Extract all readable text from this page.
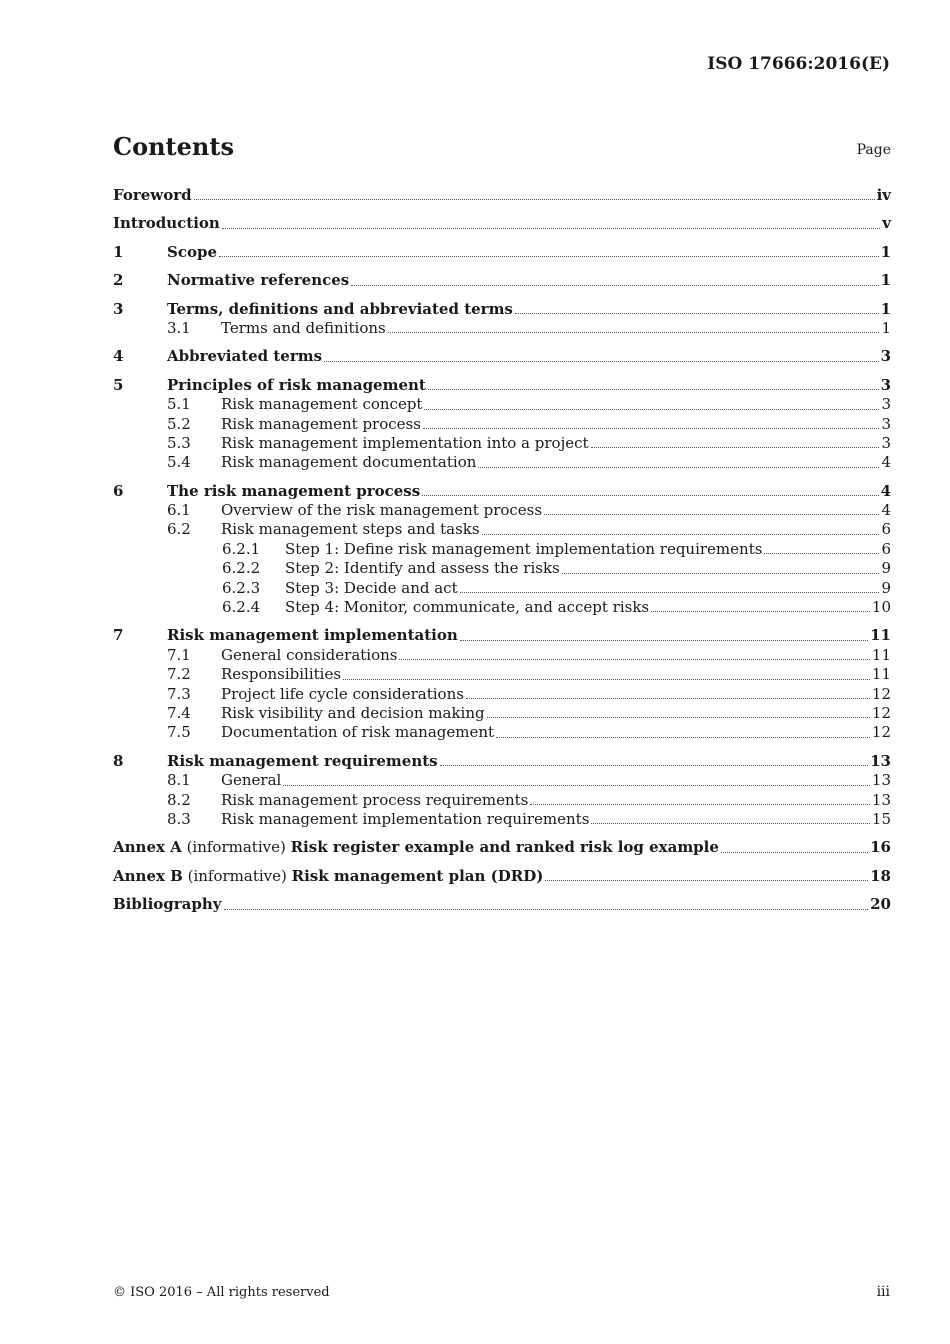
ISO 17666:2016(E)
Contents	Page
Foreword	iv
Introduction	v
1	Scope	1
2	Normative references	1
3	Terms, definitions and abbreviated terms	1
3.1	Terms and definitions	1
4	Abbreviated terms	3
5	Principles of risk management	3
5.1	Risk management concept	3
5.2	Risk management process	3
5.3	Risk management implementation into a project	3
5.4	Risk management documentation	4
6	The risk management process	4
6.1	Overview of the risk management process	4
6.2	Risk management steps and tasks	6
6.2.1	Step 1: Define risk management implementation requirements	6
6.2.2	Step 2: Identify and assess the risks	9
6.2.3	Step 3: Decide and act	9
6.2.4	Step 4: Monitor, communicate, and accept risks	10
7	Risk management implementation	11
7.1	General considerations	11
7.2	Responsibilities	11
7.3	Project life cycle considerations	12
7.4	Risk visibility and decision making	12
7.5	Documentation of risk management	12
8	Risk management requirements	13
8.1	General	13
8.2	Risk management process requirements	13
8.3	Risk management implementation requirements	15
Annex A (informative) Risk register example and ranked risk log example	16
Annex B (informative) Risk management plan (DRD)	18
Bibliography	20
© ISO 2016 – All rights reserved	iii
